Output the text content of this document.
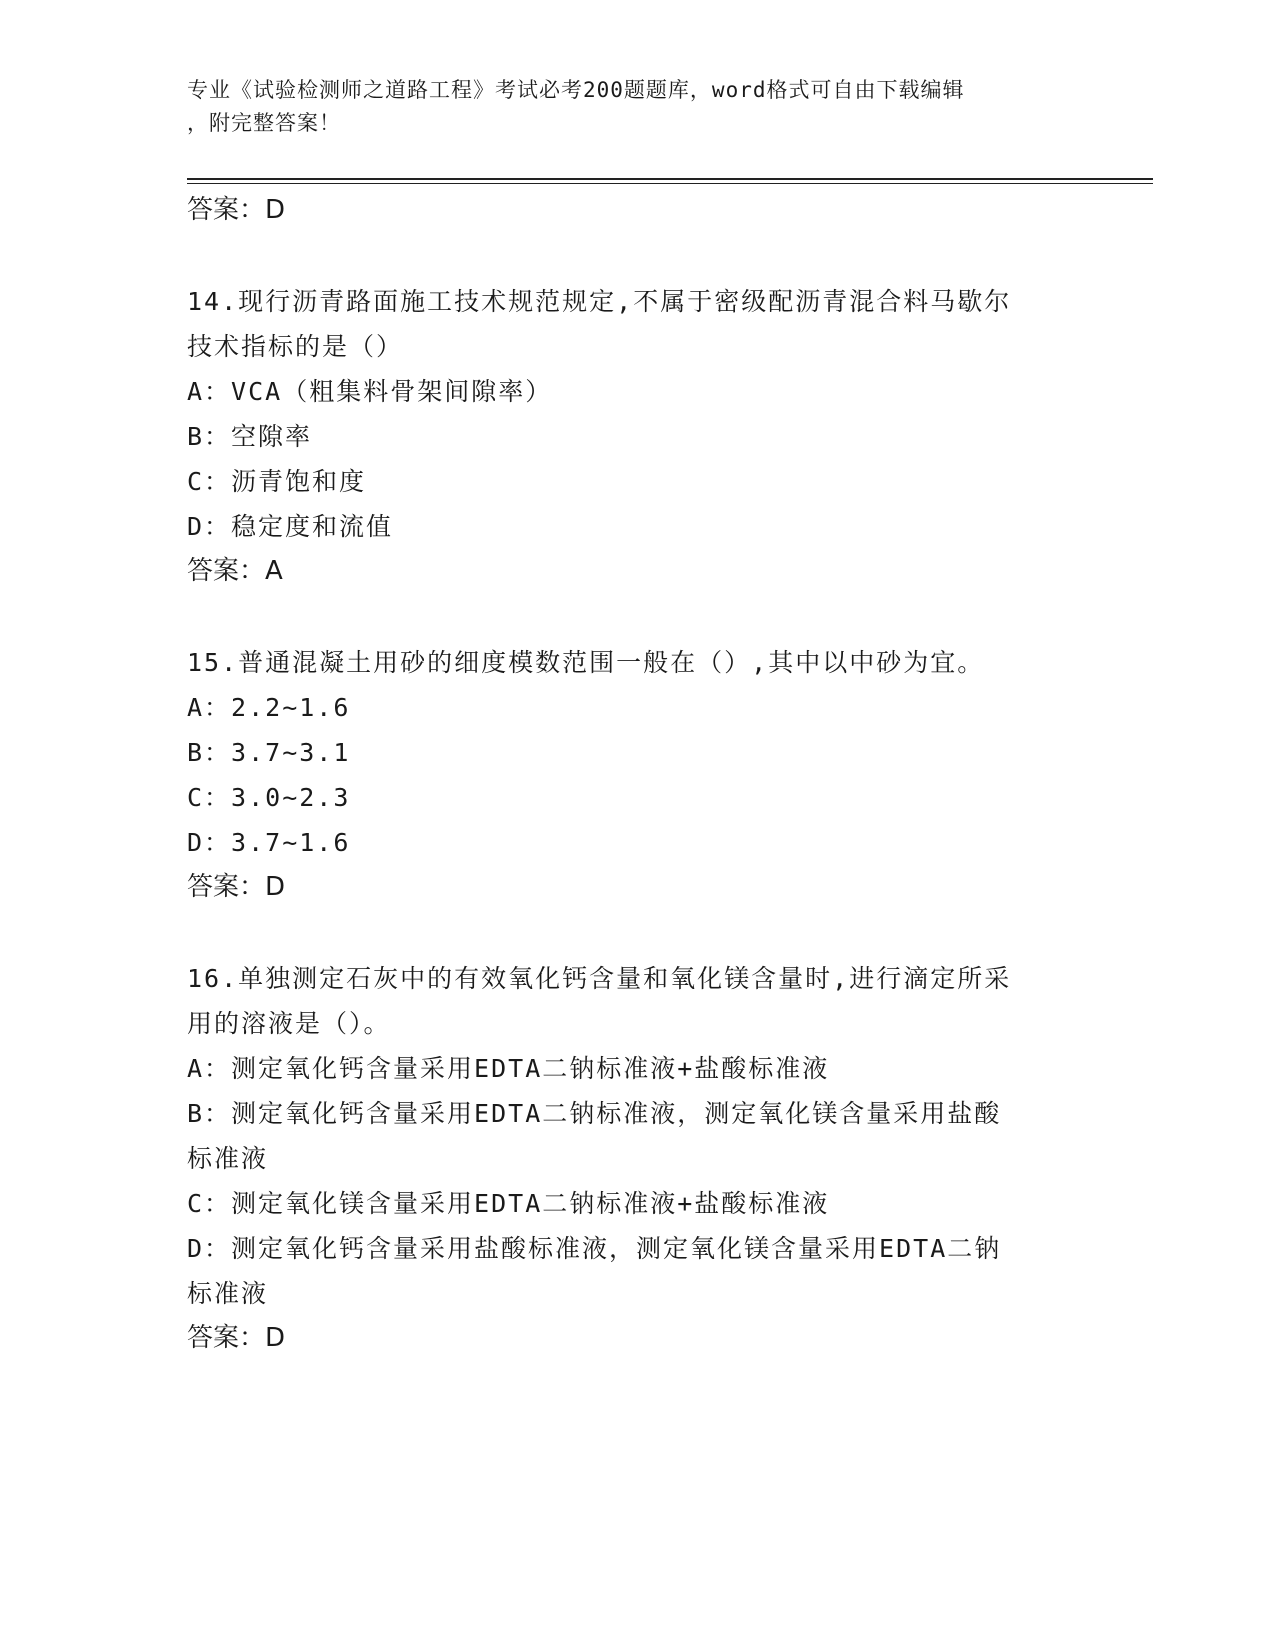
专业《试验检测师之道路工程》考试必考200题题库，word格式可自由下载编辑
，附完整答案！
答案：D
14.现行沥青路面施工技术规范规定,不属于密级配沥青混合料马歇尔
技术指标的是（）
A：VCA（粗集料骨架间隙率）
B：空隙率
C：沥青饱和度
D：稳定度和流值
答案：A
15.普通混凝土用砂的细度模数范围一般在（）,其中以中砂为宜。
A：2.2~1.6
B：3.7~3.1
C：3.0~2.3
D：3.7~1.6
答案：D
16.单独测定石灰中的有效氧化钙含量和氧化镁含量时,进行滴定所采
用的溶液是（）。
A：测定氧化钙含量采用EDTA二钠标准液+盐酸标准液
B：测定氧化钙含量采用EDTA二钠标准液，测定氧化镁含量采用盐酸
标准液
C：测定氧化镁含量采用EDTA二钠标准液+盐酸标准液
D：测定氧化钙含量采用盐酸标准液，测定氧化镁含量采用EDTA二钠
标准液
答案：D
